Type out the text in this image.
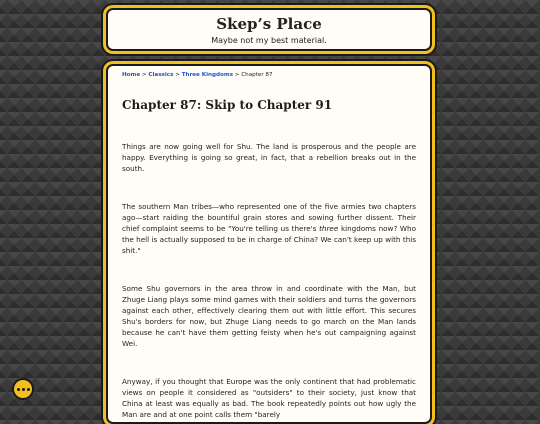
Skep’s Place
Maybe not my best material.
Home > Classics > Three Kingdoms > Chapter 87
Chapter 87: Skip to Chapter 91

Things are now going well for Shu. The land is prosperous and the people are happy. Everything is going so great, in fact, that a rebellion breaks out in the south.

The southern Man tribes—who represented one of the five armies two chapters ago—start raiding the bountiful grain stores and sowing further dissent. Their chief complaint seems to be "You're telling us there's three kingdoms now? Who the hell is actually supposed to be in charge of China? We can't keep up with this shit."

Some Shu governors in the area throw in and coordinate with the Man, but Zhuge Liang plays some mind games with their soldiers and turns the governors against each other, effectively clearing them out with little effort. This secures Shu's borders for now, but Zhuge Liang needs to go march on the Man lands because he can't have them getting feisty when he's out campaigning against Wei.

Anyway, if you thought that Europe was the only continent that had problematic views on people it considered as "outsiders" to their society, just know that China at least was equally as bad. The book repeatedly points out how ugly the Man are and at one point calls them "barely
